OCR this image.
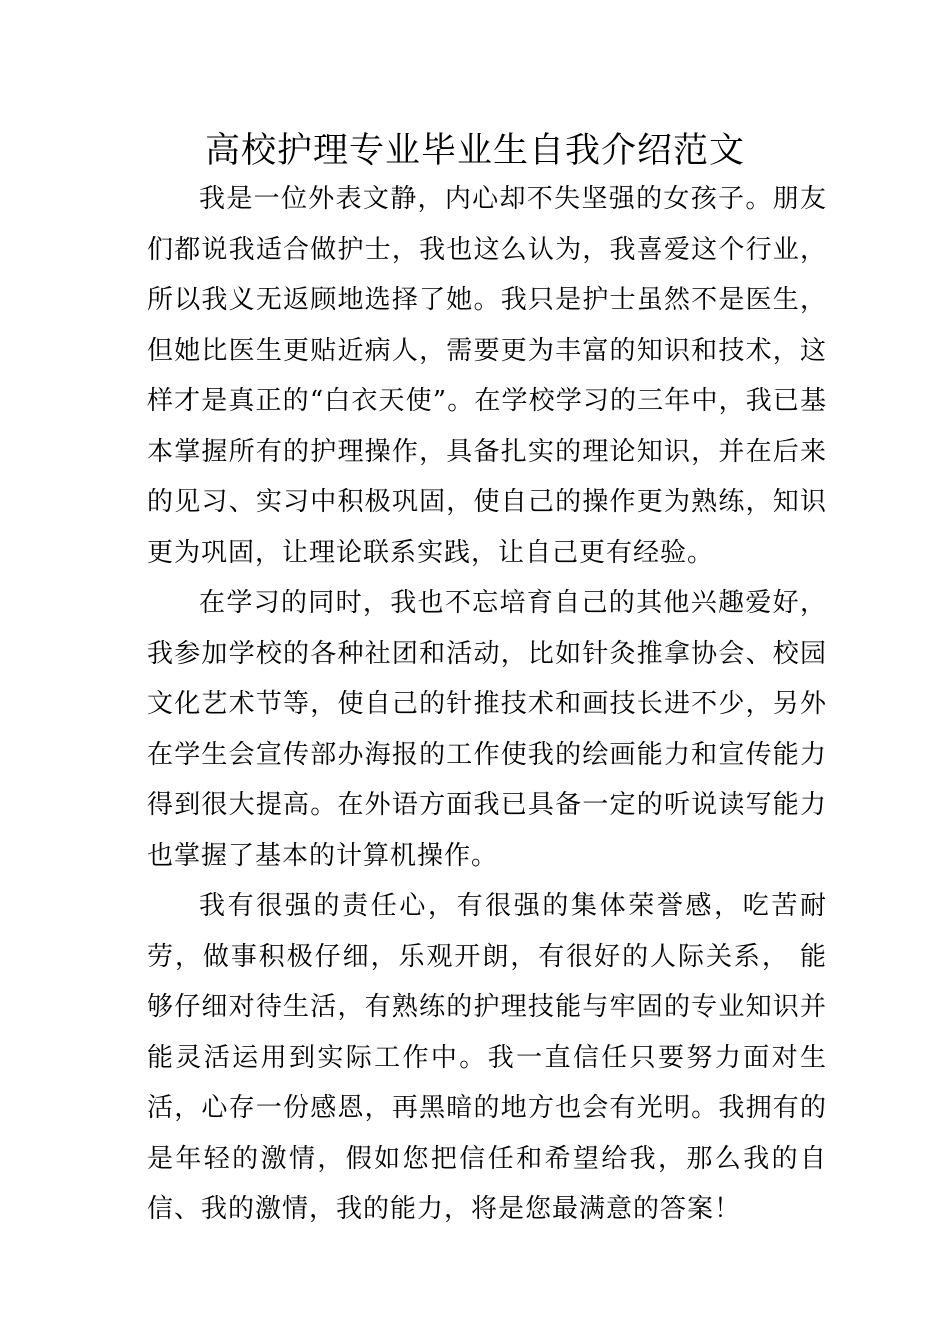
高校护理专业毕业生自我介绍范文

我是一位外表文静，内心却不失坚强的女孩子。朋友们都说我适合做护士，我也这么认为，我喜爱这个行业，所以我义无返顾地选择了她。我只是护士虽然不是医生，但她比医生更贴近病人，需要更为丰富的知识和技术，这样才是真正的“白衣天使”。在学校学习的三年中，我已基本掌握所有的护理操作，具备扎实的理论知识，并在后来的见习、实习中积极巩固，使自己的操作更为熟练，知识更为巩固，让理论联系实践，让自己更有经验。

在学习的同时，我也不忘培育自己的其他兴趣爱好，我参加学校的各种社团和活动，比如针灸推拿协会、校园文化艺术节等，使自己的针推技术和画技长进不少，另外在学生会宣传部办海报的工作使我的绘画能力和宣传能力得到很大提高。在外语方面我已具备一定的听说读写能力也掌握了基本的计算机操作。

我有很强的责任心，有很强的集体荣誉感，吃苦耐劳，做事积极仔细，乐观开朗，有很好的人际关系， 能够仔细对待生活，有熟练的护理技能与牢固的专业知识并能灵活运用到实际工作中。我一直信任只要努力面对生活，心存一份感恩，再黑暗的地方也会有光明。我拥有的是年轻的激情，假如您把信任和希望给我，那么我的自信、我的激情，我的能力，将是您最满意的答案！
